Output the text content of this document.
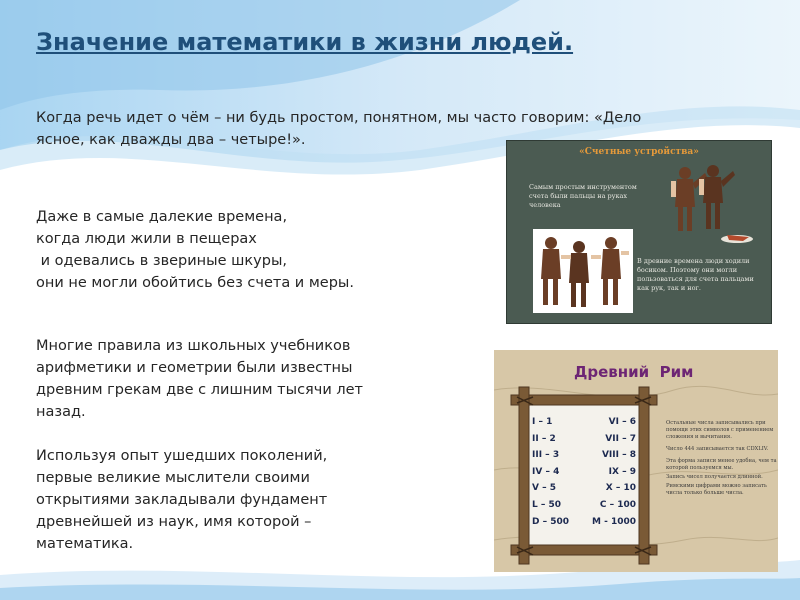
Значение математики в жизни людей.
Когда речь идет о чём – ни будь простом, понятном, мы часто говорим: «Дело
ясное, как дважды два – четыре!».
Даже в самые далекие времена,
когда люди жили в пещерах
и одевались в звериные шкуры,
они не могли обойтись без счета и меры.
Многие правила из школьных учебников
арифметики и геометрии были известны
древним грекам две с лишним тысячи лет
назад.
Используя опыт ушедших поколений,
первые великие мыслители своими
открытиями закладывали фундамент
древнейшей из наук, имя которой –
математика.
«Счетные устройства»
Самым простым инструментом счета были пальцы на руках человека
В древние времена люди ходили босиком. Поэтому они могли пользоваться для счета пальцами как рук, так и ног.
Древний  Рим
I – 1	VI – 6
II – 2	VII – 7
III – 3	VIII – 8
IV – 4	IX – 9
V – 5	X – 10
L – 50	C – 100
D – 500	M - 1000
Остальные числа записывались при помощи этих символов с применением сложения и вычитания.
Число 444 записывается так CDXLIV.
Эта форма записи менее удобна, чем та которой пользуемся мы.
Запись чисел получается длинной.
Римскими цифрами можно записать числа только больше числа.
